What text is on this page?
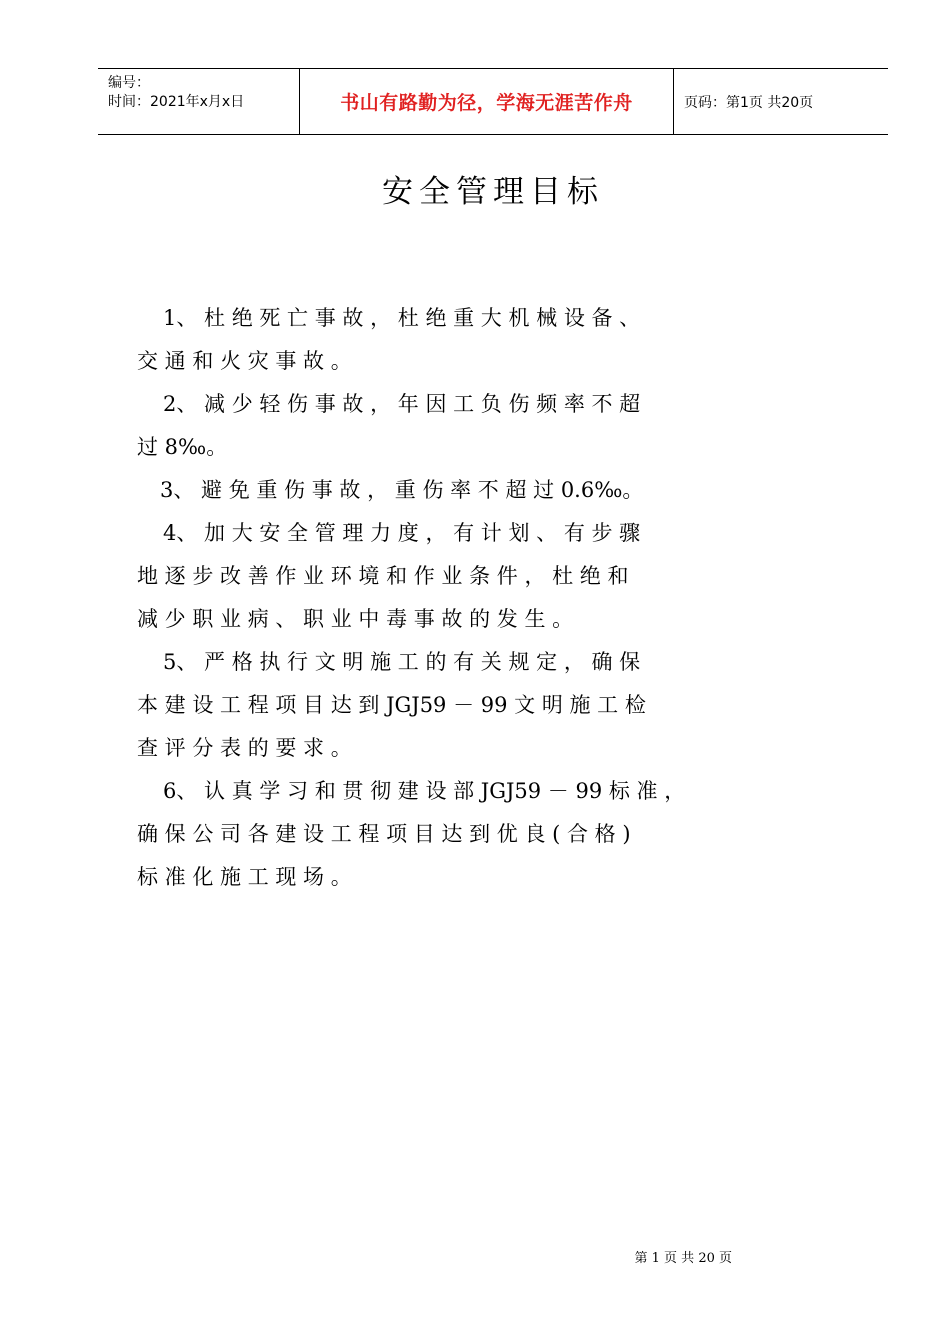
编号：
时间：2021年x月x日	书山有路勤为径，学海无涯苦作舟	页码：第1页 共20页
安全管理目标
1、 杜 绝 死 亡 事 故 ， 杜 绝 重 大 机 械 设 备 、
交 通 和 火 灾 事 故 。
2、 减 少 轻 伤 事 故 ， 年 因 工 负 伤 频 率 不 超
过 8‰。
3、 避 免 重 伤 事 故 ， 重 伤 率 不 超 过 0.6‰。
4、 加 大 安 全 管 理 力 度 ， 有 计 划 、 有 步 骤
地 逐 步 改 善 作 业 环 境 和 作 业 条 件 ， 杜 绝 和
减 少 职 业 病 、 职 业 中 毒 事 故 的 发 生 。
5、 严 格 执 行 文 明 施 工 的 有 关 规 定 ， 确 保
本 建 设 工 程 项 目 达 到 JGJ59 － 99 文 明 施 工 检
查 评 分 表 的 要 求 。
6、 认 真 学 习 和 贯 彻 建 设 部 JGJ59 － 99 标 准 ，
确 保 公 司 各 建 设 工 程 项 目 达 到 优 良 ( 合 格 )
标 准 化 施 工 现 场 。
第 1 页 共 20 页
